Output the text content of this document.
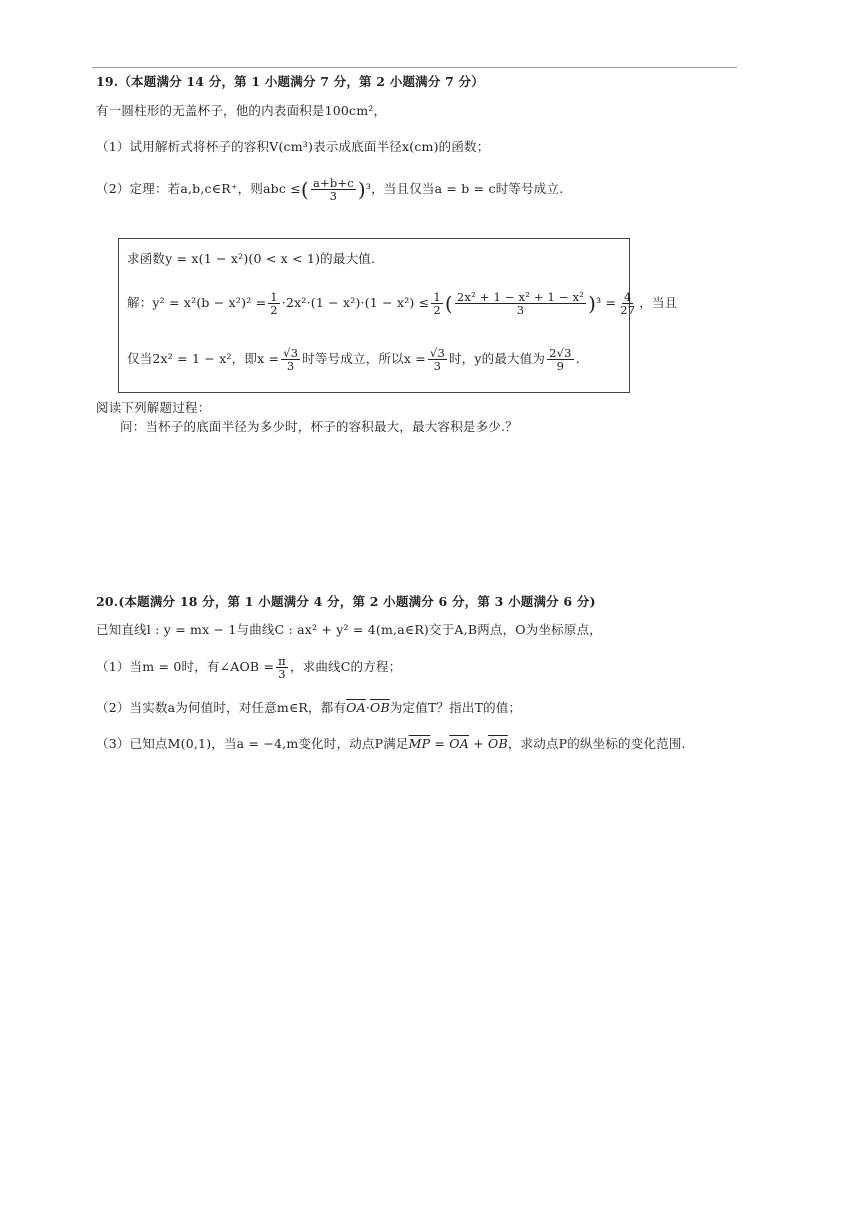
19.（本题满分 14 分，第 1 小题满分 7 分，第 2 小题满分 7 分）
有一圆柱形的无盖杯子，他的内表面积是100cm²，
（1）试用解析式将杯子的容积V(cm³)表示成底面半径x(cm)的函数；
（2）定理：若a,b,c∈R⁺，则abc ≤( $\frac{a+b+c}{3} )^3$，当且仅当a = b = c时等号成立.
求函数y = x(1 − x²)(0 < x < 1)的最大值.
解：$y^2 = x^2(b - x^2)^2 = \frac{1}{2} \cdot 2x^2\cdot(1 - x^2)\cdot(1 - x^2) \le \frac{1}{2}$ ( $\frac{\text{2x² + 1 − x² + 1 − x²}}{3} )^3 = \frac{4}{27}$ ，当且
仅当2x² = 1 − x²，即$x = \frac{√3}{3}$ 时等号成立，所以$x = \frac{√3}{3}$ 时，y的最大值为 $\frac{2√3}{9}$ .
阅读下列解题过程：
问：当杯子的底面半径为多少时，杯子的容积最大，最大容积是多少.？
20.(本题满分 18 分，第 1 小题满分 4 分，第 2 小题满分 6 分，第 3 小题满分 6 分)
已知直线l : y = mx − 1与曲线C : ax² + y² = 4(m,a∈R)交于A,B两点，O为坐标原点，
（1）当m = 0时，有∠AOB = $\frac{\pi}{3}$ ，求曲线C的方程；
（2）当实数a为何值时，对任意m∈R，都有$\overline{OA}\cdot\overline{OB}$为定值T？指出T的值；
（3）已知点M(0,1)，当a = −4,m变化时，动点P满足$\overline{MP} = \overline{OA} + \overline{OB}$，求动点P的纵坐标的变化范围.
